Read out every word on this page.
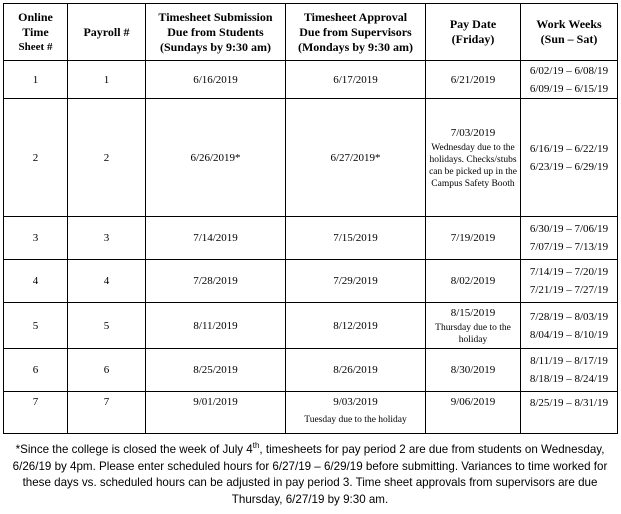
Online
Time
Sheet #	Payroll #	Timesheet Submission
Due from Students
(Sundays by 9:30 am)	Timesheet Approval
Due from Supervisors
(Mondays by 9:30 am)	Pay Date
(Friday)	Work Weeks
(Sun – Sat)

1	1	6/16/2019	6/17/2019	6/21/2019	6/02/19 – 6/08/19
6/09/19 – 6/15/19

2	2	6/26/2019*	6/27/2019*	7/03/2019
Wednesday due to the holidays. Checks/stubs can be picked up in the Campus Safety Booth	6/16/19 – 6/22/19
6/23/19 – 6/29/19

3	3	7/14/2019	7/15/2019	7/19/2019	6/30/19 – 7/06/19
7/07/19 – 7/13/19

4	4	7/28/2019	7/29/2019	8/02/2019	7/14/19 – 7/20/19
7/21/19 – 7/27/19

5	5	8/11/2019	8/12/2019	8/15/2019
Thursday due to the holiday	7/28/19 – 8/03/19
8/04/19 – 8/10/19

6	6	8/25/2019	8/26/2019	8/30/2019	8/11/19 – 8/17/19
8/18/19 – 8/24/19

7	7	9/01/2019	9/03/2019
Tuesday due to the holiday	9/06/2019	8/25/19 – 8/31/19
*Since the college is closed the week of July 4th, timesheets for pay period 2 are due from students on Wednesday, 6/26/19 by 4pm. Please enter scheduled hours for 6/27/19 – 6/29/19 before submitting. Variances to time worked for these days vs. scheduled hours can be adjusted in pay period 3. Time sheet approvals from supervisors are due Thursday, 6/27/19 by 9:30 am.
